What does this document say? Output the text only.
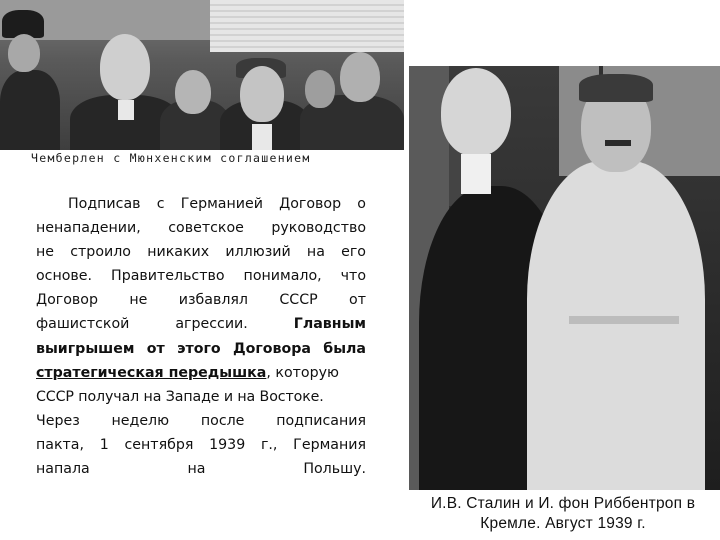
Чемберлен с Мюнхенским соглашением
Подписав с Германией Договор о
ненападении, советское руководство
не строило никаких иллюзий на его
основе. Правительство понимало, что
Договор не избавлял СССР от
фашистской агрессии.	Главным
выигрышем от этого Договора была
стратегическая передышка, которую
СССР получал на Западе и на Востоке.
Через неделю после подписания
пакта, 1 сентября 1939 г., Германия
напала на Польшу.
И.В. Сталин и И. фон Риббентроп в
Кремле. Август 1939 г.
